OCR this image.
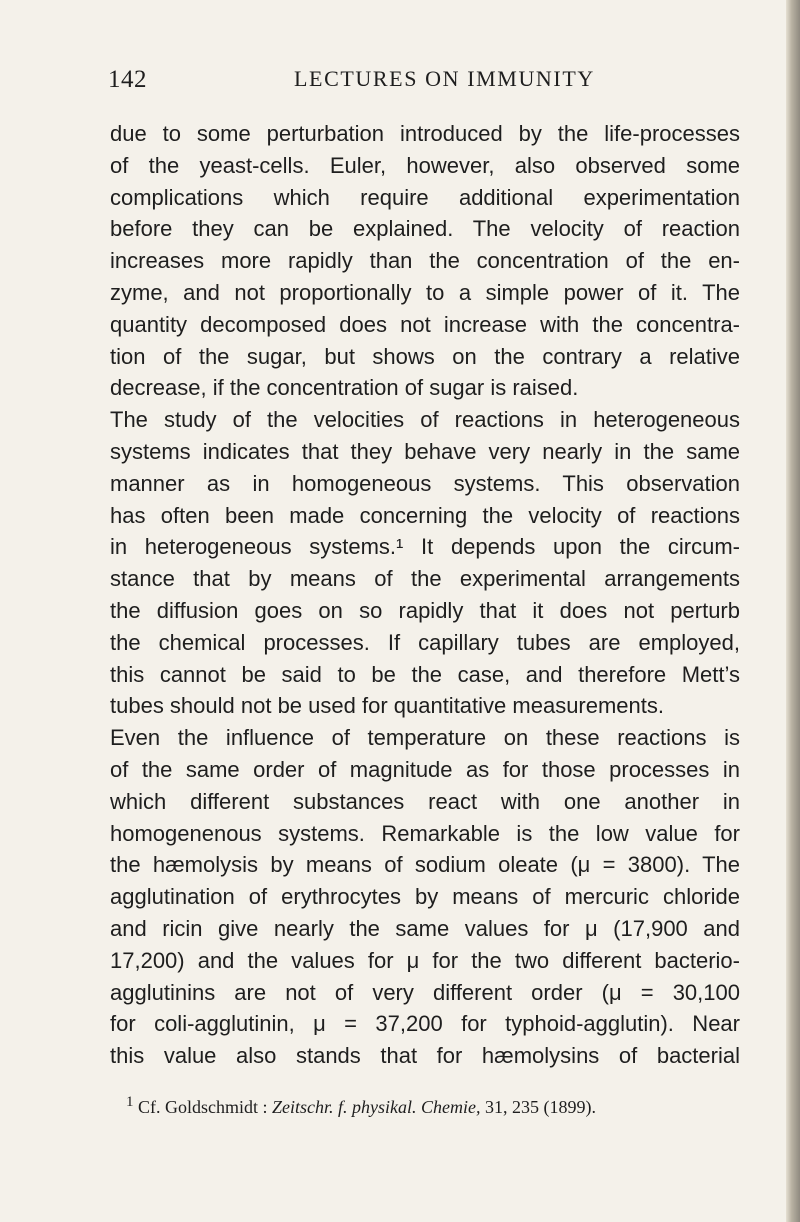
142	LECTURES ON IMMUNITY
due to some perturbation introduced by the life-processes
of the yeast-cells. Euler, however, also observed some
complications which require additional experimentation
before they can be explained. The velocity of reaction
increases more rapidly than the concentration of the en-
zyme, and not proportionally to a simple power of it. The
quantity decomposed does not increase with the concentra-
tion of the sugar, but shows on the contrary a relative
decrease, if the concentration of sugar is raised.
The study of the velocities of reactions in heterogeneous
systems indicates that they behave very nearly in the same
manner as in homogeneous systems. This observation
has often been made concerning the velocity of reactions
in heterogeneous systems.¹ It depends upon the circum-
stance that by means of the experimental arrangements
the diffusion goes on so rapidly that it does not perturb
the chemical processes. If capillary tubes are employed,
this cannot be said to be the case, and therefore Mett’s
tubes should not be used for quantitative measurements.
Even the influence of temperature on these reactions is
of the same order of magnitude as for those processes in
which different substances react with one another in
homogenenous systems. Remarkable is the low value for
the hæmolysis by means of sodium oleate (μ = 3800). The
agglutination of erythrocytes by means of mercuric chloride
and ricin give nearly the same values for μ (17,900 and
17,200) and the values for μ for the two different bacterio-
agglutinins are not of very different order (μ = 30,100
for coli-agglutinin, μ = 37,200 for typhoid-agglutin). Near
this value also stands that for hæmolysins of bacterial
$^1$ Cf. Goldschmidt : Zeitschr. f. physikal. Chemie, 31, 235 (1899).
